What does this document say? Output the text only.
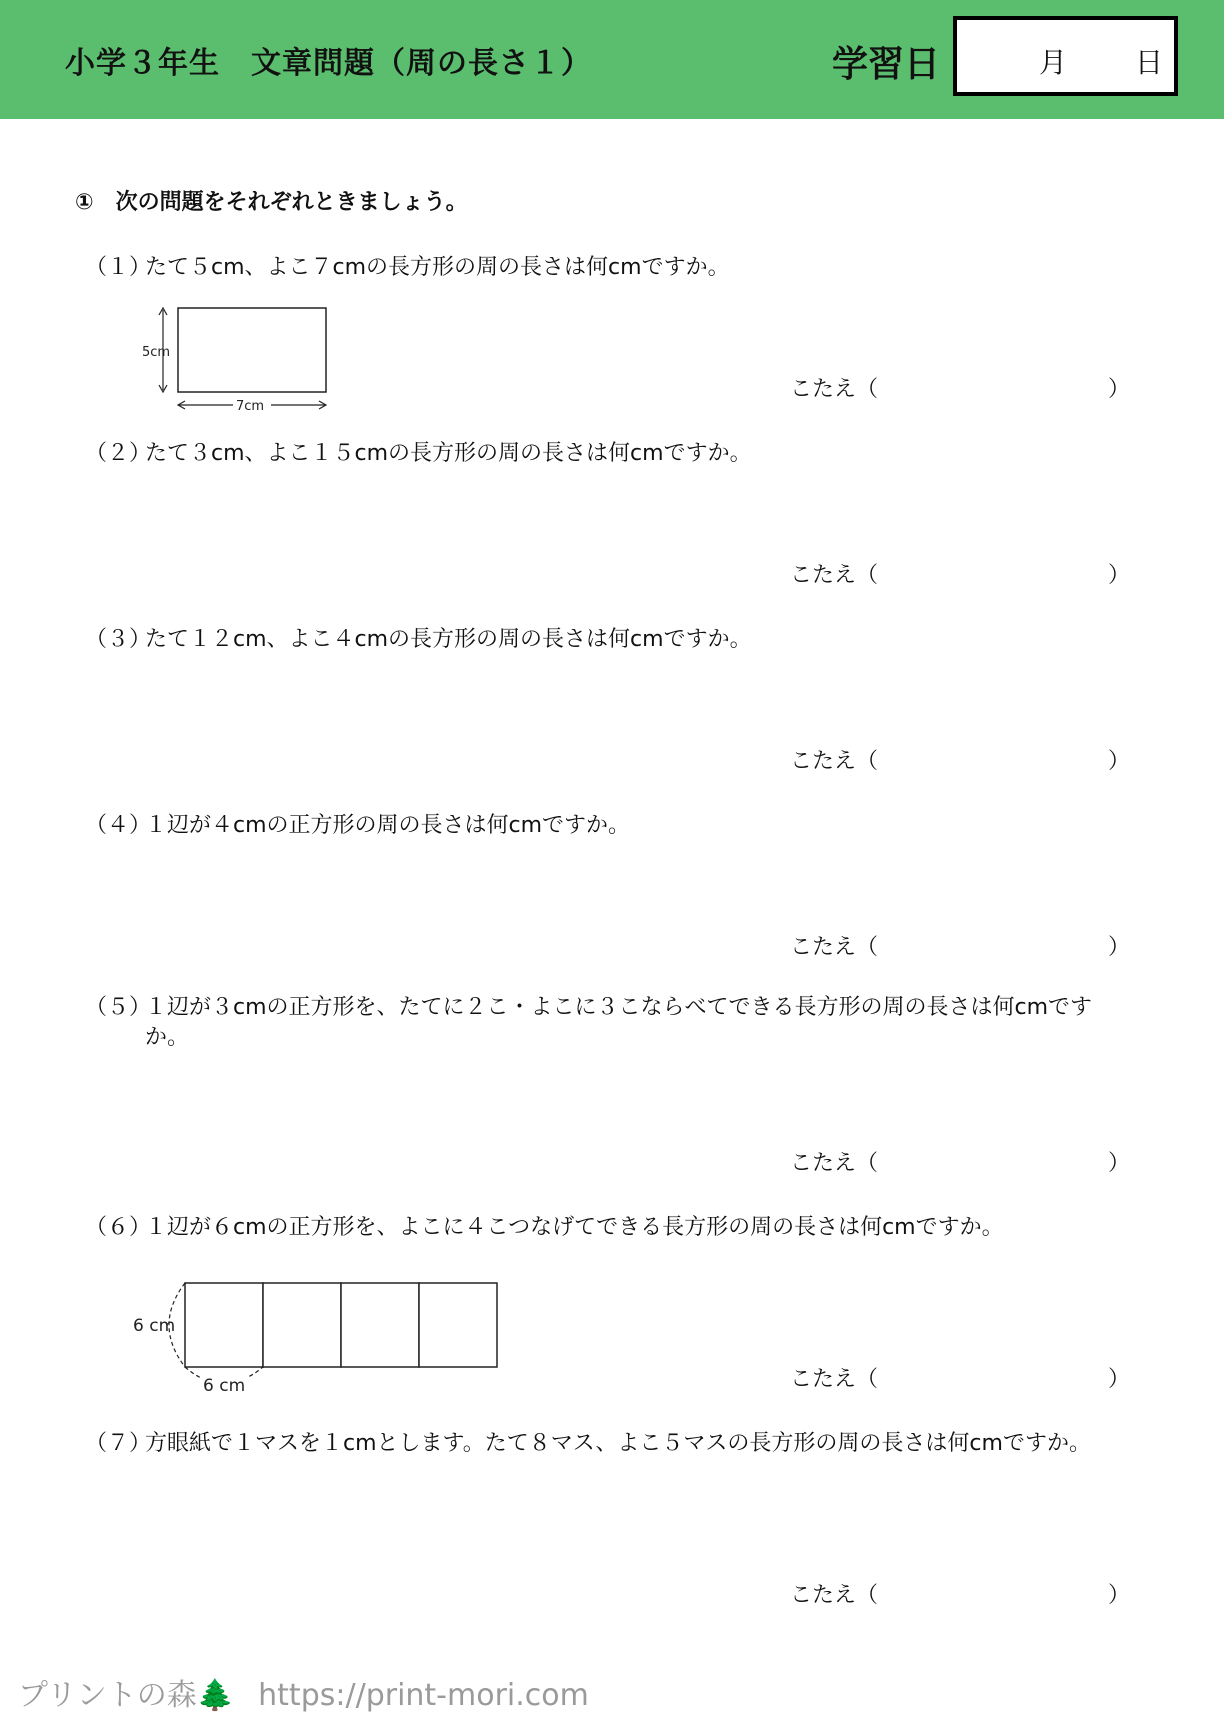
小学３年生　文章問題（周の長さ１）	学習日	月 日
①　次の問題をそれぞれときましょう。
（１）たて５cm、よこ７cmの長方形の周の長さは何cmですか。
5cm
7cm
こたえ（	）
（２）たて３cm、よこ１５cmの長方形の周の長さは何cmですか。
こたえ（	）
（３）たて１２cm、よこ４cmの長方形の周の長さは何cmですか。
こたえ（	）
（４）１辺が４cmの正方形の周の長さは何cmですか。
こたえ（	）
（５）
１辺が３cmの正方形を、たてに２こ・よこに３こならべてできる長方形の周の長さは何cmですか。
こたえ（	）
（６）１辺が６cmの正方形を、よこに４こつなげてできる長方形の周の長さは何cmですか。
6 cm
6 cm	こたえ（	）
（７）方眼紙で１マスを１cmとします。たて８マス、よこ５マスの長方形の周の長さは何cmですか。
こたえ（	）
プリントの森🌲 https://print-mori.com
